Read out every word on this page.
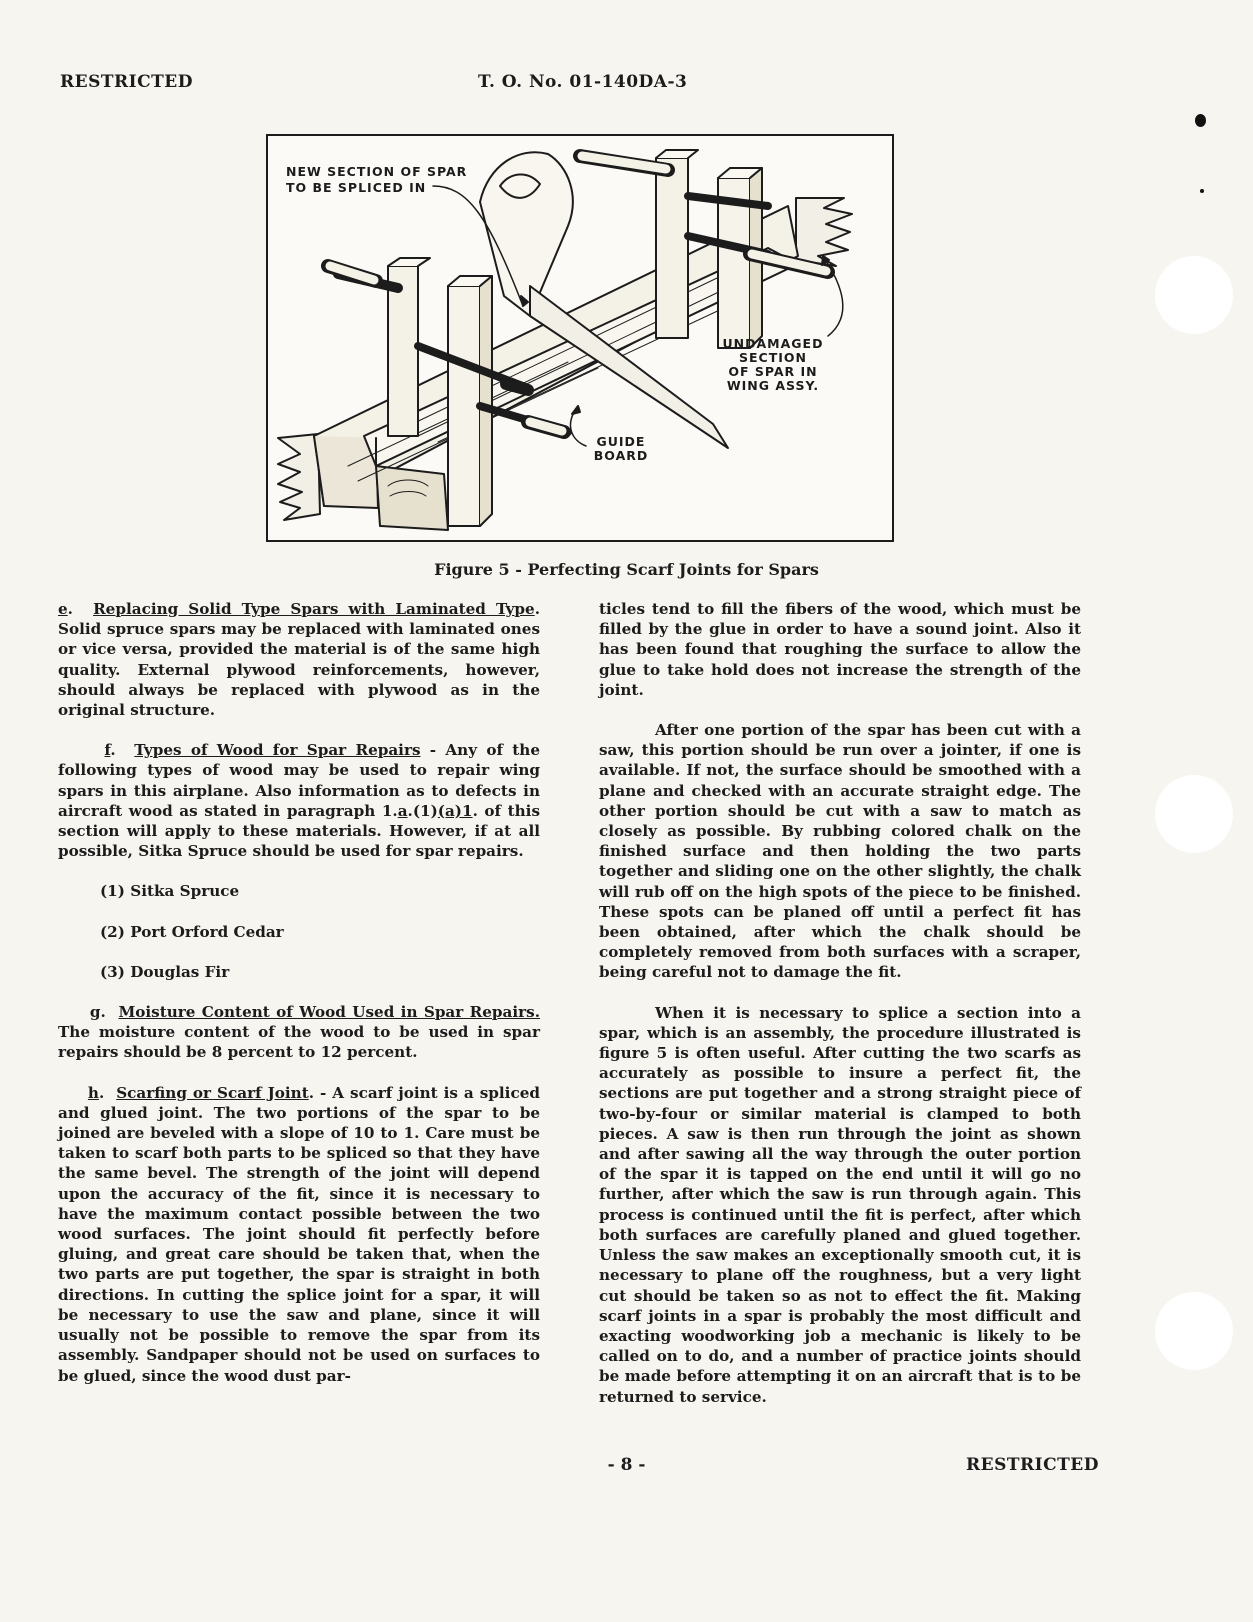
RESTRICTED	T. O. No. 01-140DA-3
NEW SECTION OF SPAR
TO BE SPLICED IN
UNDAMAGED
SECTION
OF SPAR IN
WING ASSY.
GUIDE
BOARD
Figure 5 - Perfecting Scarf Joints for Spars

e.  Replacing Solid Type Spars with Laminated Type. Solid spruce spars may be replaced with laminated ones or vice versa, provided the material is of the same high quality. External plywood reinforcements, however, should always be replaced with plywood as in the original structure.

f.  Types of Wood for Spar Repairs - Any of the following types of wood may be used to repair wing spars in this airplane. Also information as to defects in aircraft wood as stated in paragraph 1.a.(1)(a)1. of this section will apply to these materials. However, if at all possible, Sitka Spruce should be used for spar repairs.

(1) Sitka Spruce

(2) Port Orford Cedar

(3) Douglas Fir

g.  Moisture Content of Wood Used in Spar Repairs. The moisture content of the wood to be used in spar repairs should be 8 percent to 12 percent.

h.  Scarfing or Scarf Joint. - A scarf joint is a spliced and glued joint. The two portions of the spar to be joined are beveled with a slope of 10 to 1. Care must be taken to scarf both parts to be spliced so that they have the same bevel. The strength of the joint will depend upon the accuracy of the fit, since it is necessary to have the maximum contact possible between the two wood surfaces. The joint should fit perfectly before gluing, and great care should be taken that, when the two parts are put together, the spar is straight in both directions. In cutting the splice joint for a spar, it will be necessary to use the saw and plane, since it will usually not be possible to remove the spar from its assembly. Sandpaper should not be used on surfaces to be glued, since the wood dust par-

ticles tend to fill the fibers of the wood, which must be filled by the glue in order to have a sound joint. Also it has been found that roughing the surface to allow the glue to take hold does not increase the strength of the joint.

After one portion of the spar has been cut with a saw, this portion should be run over a jointer, if one is available. If not, the surface should be smoothed with a plane and checked with an accurate straight edge. The other portion should be cut with a saw to match as closely as possible. By rubbing colored chalk on the finished surface and then holding the two parts together and sliding one on the other slightly, the chalk will rub off on the high spots of the piece to be finished. These spots can be planed off until a perfect fit has been obtained, after which the chalk should be completely removed from both surfaces with a scraper, being careful not to damage the fit.

When it is necessary to splice a section into a spar, which is an assembly, the procedure illustrated is figure 5 is often useful. After cutting the two scarfs as accurately as possible to insure a perfect fit, the sections are put together and a strong straight piece of two-by-four or similar material is clamped to both pieces. A saw is then run through the joint as shown and after sawing all the way through the outer portion of the spar it is tapped on the end until it will go no further, after which the saw is run through again. This process is continued until the fit is perfect, after which both surfaces are carefully planed and glued together. Unless the saw makes an exceptionally smooth cut, it is necessary to plane off the roughness, but a very light cut should be taken so as not to effect the fit. Making scarf joints in a spar is probably the most difficult and exacting woodworking job a mechanic is likely to be called on to do, and a number of practice joints should be made before attempting it on an aircraft that is to be returned to service.

- 8 -	RESTRICTED
